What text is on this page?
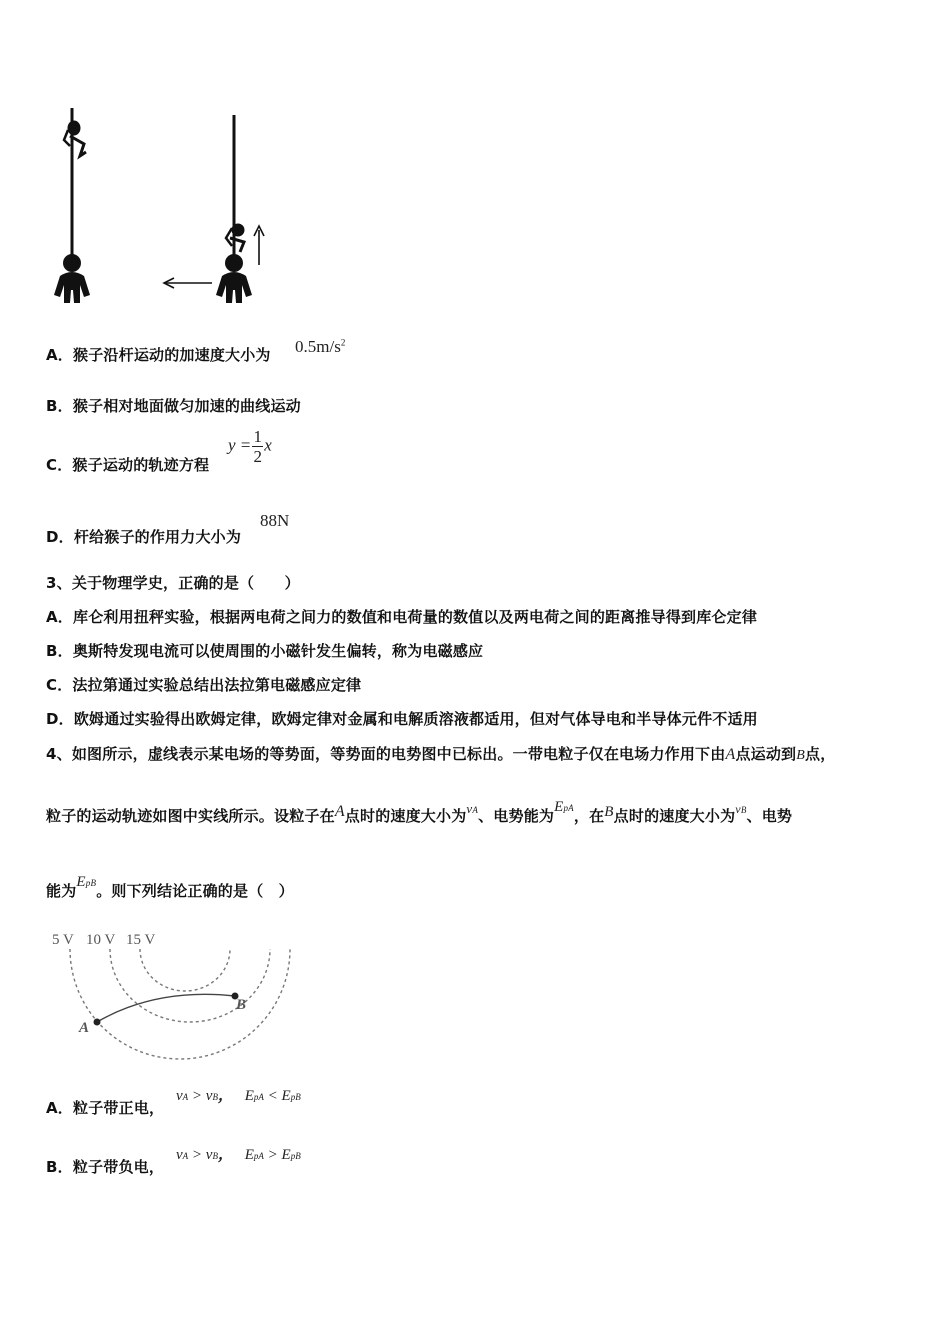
A．猴子沿杆运动的加速度大小为 $0.5m/s^2$
B．猴子相对地面做匀加速的曲线运动
C．猴子运动的轨迹方程
$y = \frac{1}{2}$ x
D．杆给猴子的作用力大小为
88N
3、关于物理学史，正确的是（　　）
A．库仑利用扭秤实验，根据两电荷之间力的数值和电荷量的数值以及两电荷之间的距离推导得到库仑定律
B．奥斯特发现电流可以使周围的小磁针发生偏转，称为电磁感应
C．法拉第通过实验总结出法拉第电磁感应定律
D．欧姆通过实验得出欧姆定律，欧姆定律对金属和电解质溶液都适用，但对气体导电和半导体元件不适用
4、如图所示，虚线表示某电场的等势面，等势面的电势图中已标出。一带电粒子仅在电场力作用下由A点运动到B点，
粒子的运动轨迹如图中实线所示。设粒子在A点时的速度大小为vA、电势能为EpA，在B点时的速度大小为$^{vB}$、电势
能为EpB。则下列结论正确的是（　）
5 V 10 V 15 V
A
B
A．粒子带正电，
vA > vB， EpA < EpB
B．粒子带负电，
vA > vB， EpA > EpB
